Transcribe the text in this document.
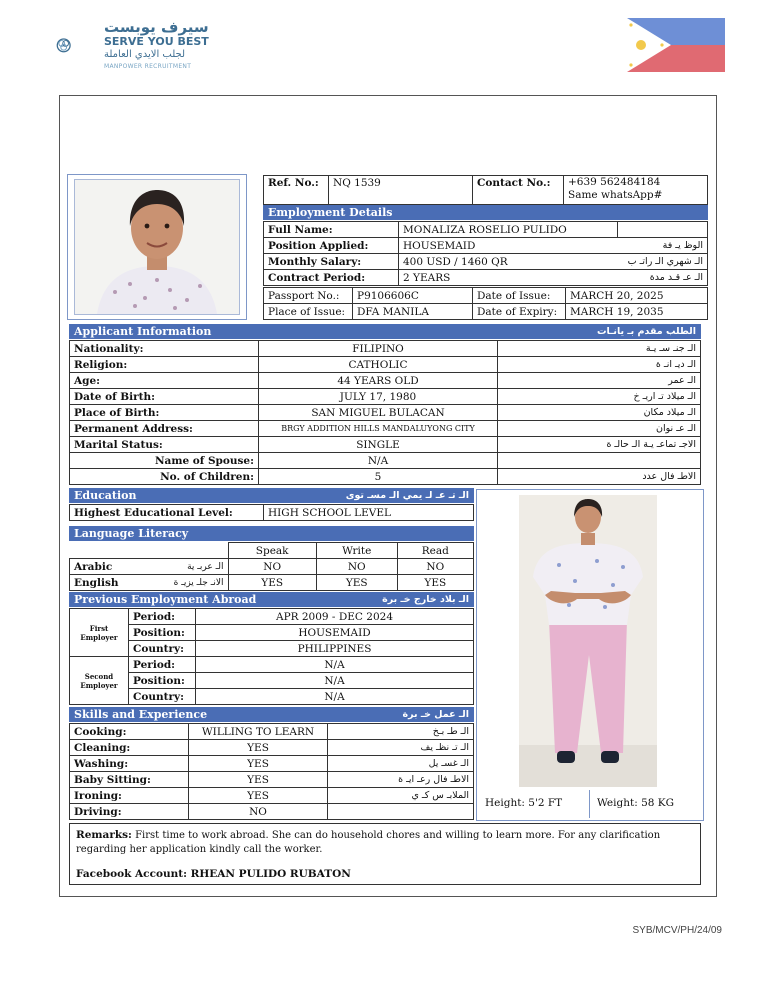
سيرف يوبست
SERVE YOU BEST
لجلب الايدي العاملة
MANPOWER RECRUITMENT
Ref. No.:	NQ 1539	Contact No.:	+639 562484184
Same whatsApp#
Employment Details
Full Name:	MONALIZA ROSELIO PULIDO	
Position Applied:	HOUSEMAID	الوظ يـ فة
Monthly Salary:	400 USD / 1460 QR	الـ شهري الـ راتـ ب
Contract Period:	2 YEARS	الـ عـ قـد مدة
Passport No.:	P9106606C	Date of Issue:	MARCH 20, 2025
Place of Issue:	DFA MANILA	Date of Expiry:	MARCH 19, 2035
Applicant Information	الطلب مقدم بـ يانـات
Nationality:	FILIPINO	الـ جنـ سـ يـة
Religion:	CATHOLIC	الـ ديـ انـ ة
Age:	44 YEARS OLD	الـ عمر
Date of Birth:	JULY 17, 1980	الـ ميلاد تـ اريـ خ
Place of Birth:	SAN MIGUEL BULACAN	الـ ميلاد مكان
Permanent Address:	BRGY ADDITION HILLS MANDALUYONG CITY	الـ عـ نوان
Marital Status:	SINGLE	الاجـ تماعـ يـة الـ حالـ ة
Name of Spouse:	N/A	
No. of Children:	5	الاطـ فال عدد
Education	الـ تـ عـ لـ يمي الـ مسـ توى
Highest Educational Level:	HIGH SCHOOL LEVEL
Language Literacy
	Speak	Write	Read
Arabic الـ عربـ ية	NO	NO	NO
English الانـ جلـ يزيـ ة	YES	YES	YES
Previous Employment Abroad	الـ بلاد خارج خـ برة
First Employer	Period:	APR 2009 - DEC 2024
	Position:	HOUSEMAID
	Country:	PHILIPPINES
Second Employer	Period:	N/A
	Position:	N/A
	Country:	N/A
Skills and Experience	الـ عمل خـ برة
Cooking:	WILLING TO LEARN	الـ طـ بـخ
Cleaning:	YES	الـ تـ نظـ يف
Washing:	YES	الـ غسـ يل
Baby Sitting:	YES	الاطـ فال رعـ ايـ ة
Ironing:	YES	الملابـ س كـ ي
Driving:	NO	
Height: 5'2 FT	Weight: 58 KG
Remarks: First time to work abroad. She can do household chores and willing to learn more. For any clarification regarding her application kindly call the worker.
Facebook Account: RHEAN PULIDO RUBATON
SYB/MCV/PH/24/09
